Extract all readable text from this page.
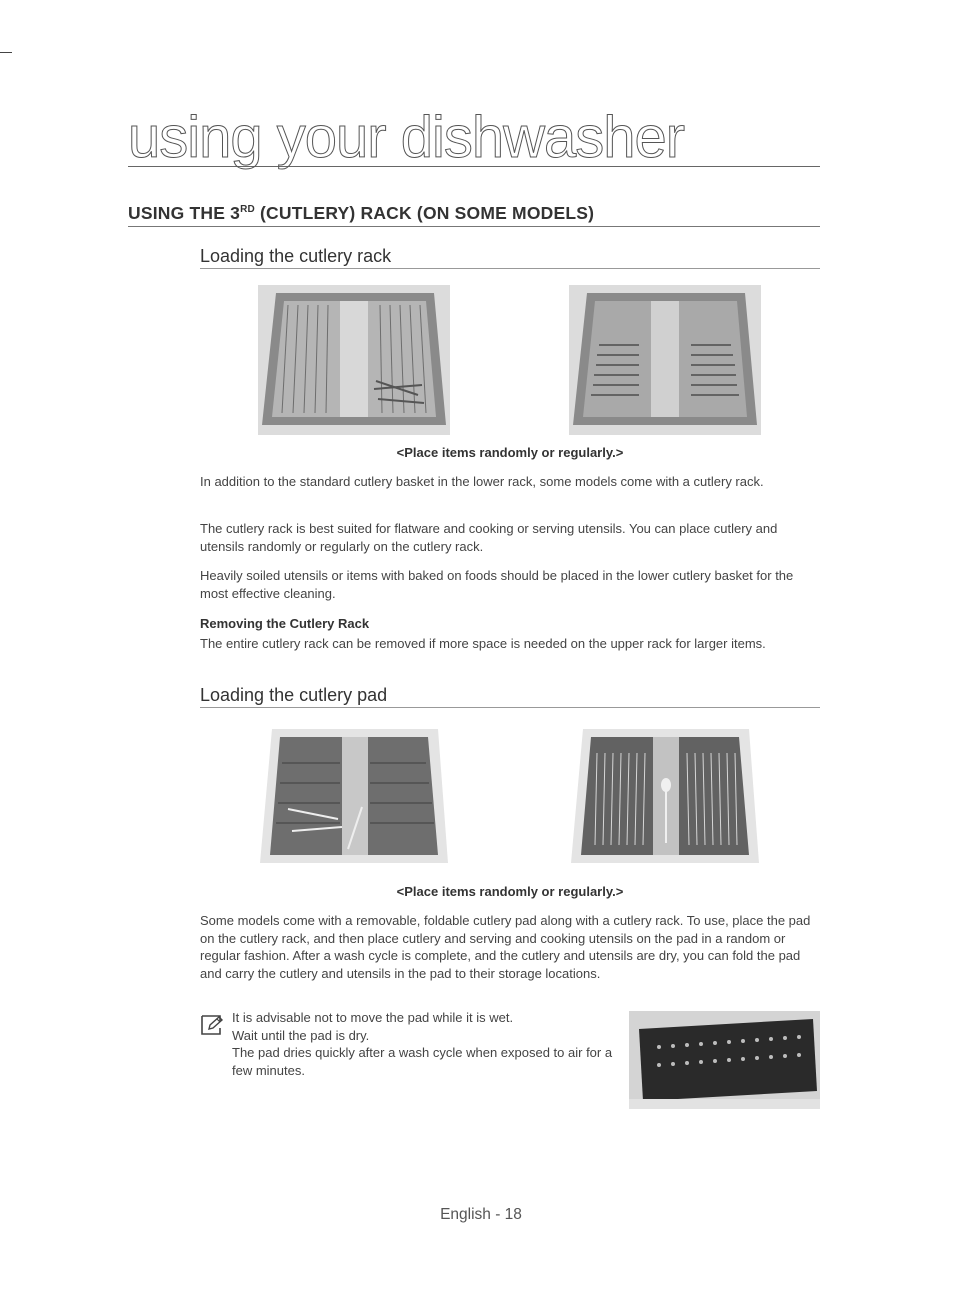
using your dishwasher
USING THE 3RD (CUTLERY) RACK (ON SOME MODELS)
Loading the cutlery rack
<Place items randomly or regularly.>

In addition to the standard cutlery basket in the lower rack, some models come with a cutlery rack.

The cutlery rack is best suited for flatware and cooking or serving utensils. You can place cutlery and utensils randomly or regularly on the cutlery rack.

Heavily soiled utensils or items with baked on foods should be placed in the lower cutlery basket for the most effective cleaning.

Removing the Cutlery Rack

The entire cutlery rack can be removed if more space is needed on the upper rack for larger items.

Loading the cutlery pad
<Place items randomly or regularly.>

Some models come with a removable, foldable cutlery pad along with a cutlery rack. To use, place the pad on the cutlery rack, and then place cutlery and serving and cooking utensils on the pad in a random or regular fashion. After a wash cycle is complete, and the cutlery and utensils are dry, you can fold the pad and carry the cutlery and utensils in the pad to their storage locations.

It is advisable not to move the pad while it is wet.
Wait until the pad is dry.
The pad dries quickly after a wash cycle when exposed to air for a few minutes.
English - 18
